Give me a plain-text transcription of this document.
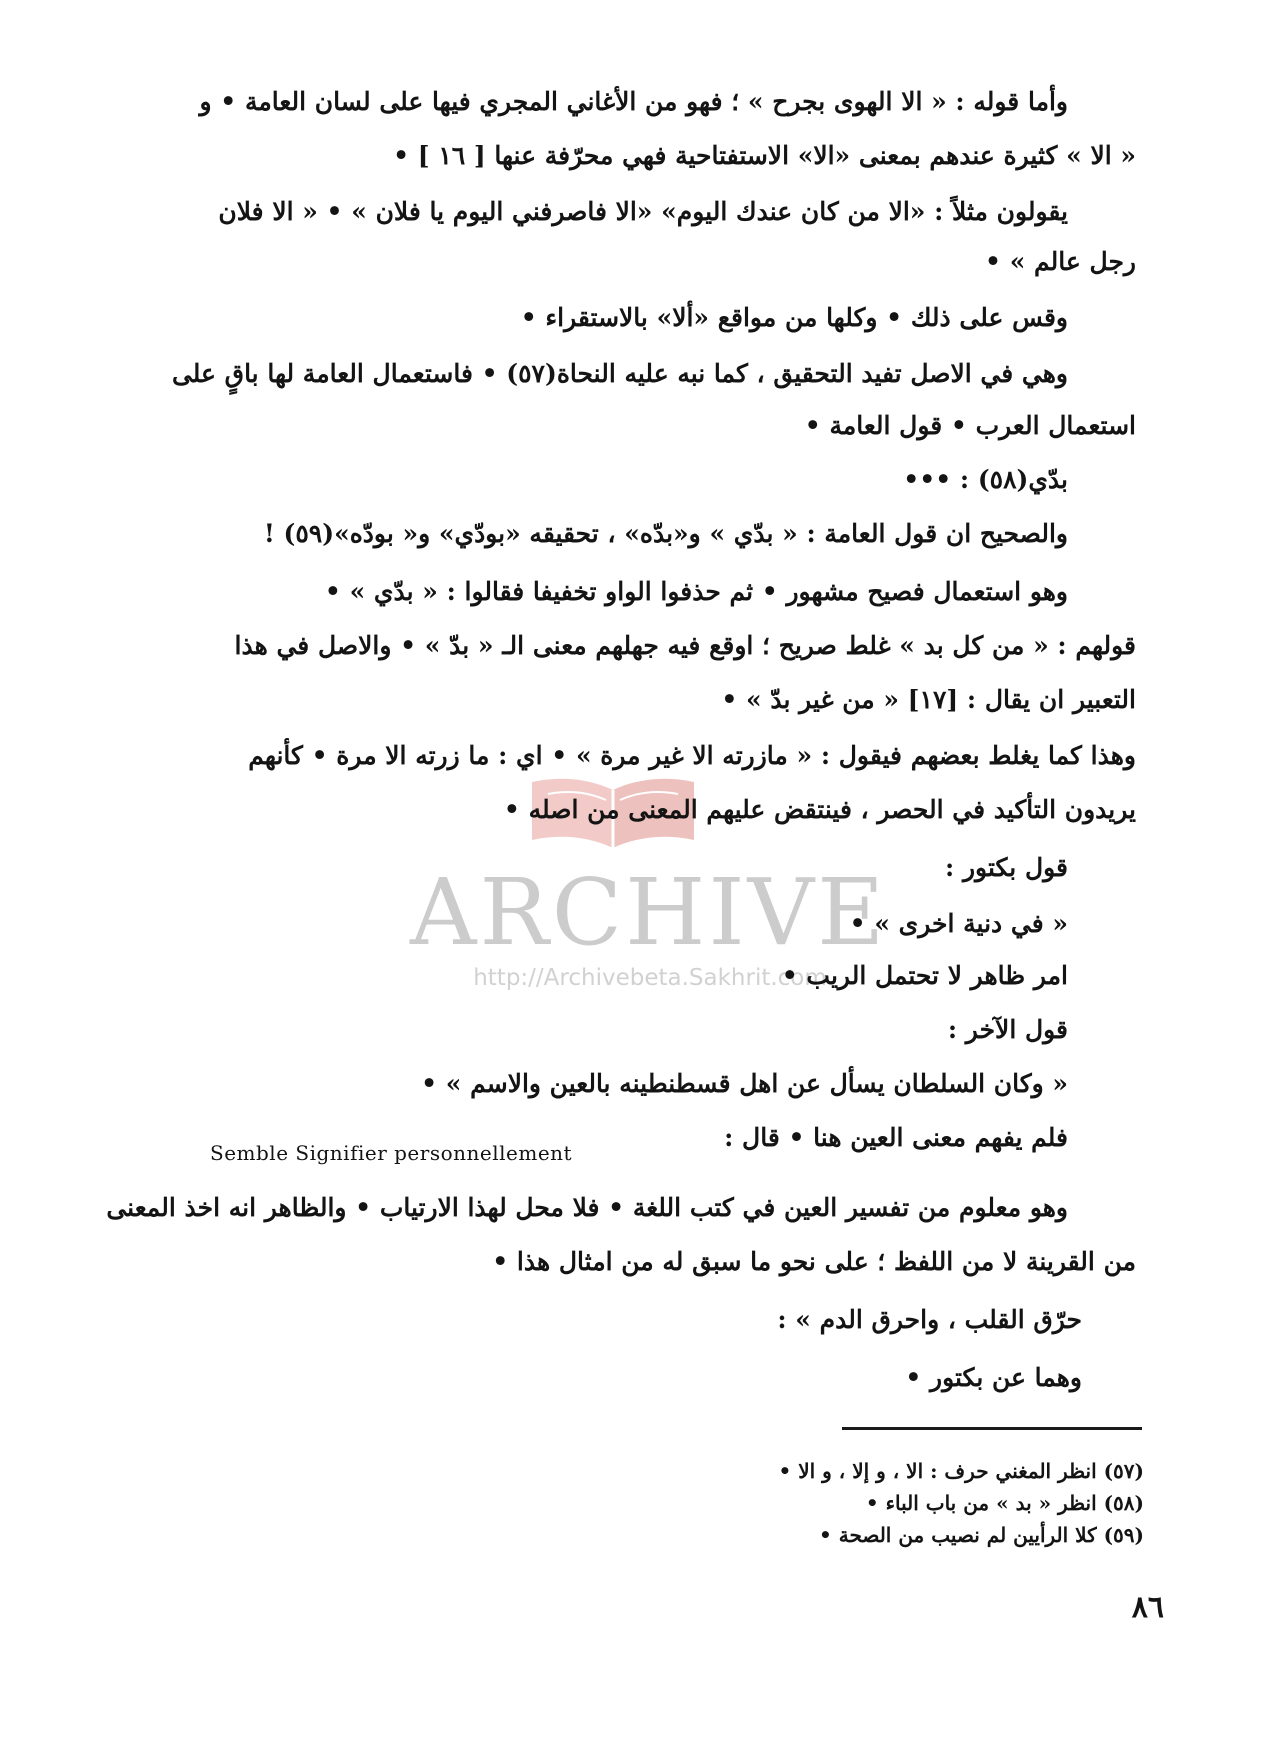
ARCHIVE
http://Archivebeta.Sakhrit.com
وأما قوله : « الا الهوى بجرح » ؛ فهو من الأغاني المجري فيها على لسان العامة • و
« الا » كثيرة عندهم بمعنى «الا» الاستفتاحية فهي محرّفة عنها [ ١٦ ] •
يقولون مثلاً : «الا من كان عندك اليوم» «الا فاصرفني اليوم يا فلان » • « الا فلان
رجل عالم » •
وقس على ذلك • وكلها من مواقع «ألا» بالاستقراء •
وهي في الاصل تفيد التحقيق ، كما نبه عليه النحاة(٥٧) • فاستعمال العامة لها باقٍ على
استعمال العرب • قول العامة •
بدّي(٥٨) : •••
والصحيح ان قول العامة : « بدّي » و«بدّه» ، تحقيقه «بودّي» و« بودّه»(٥٩) !
وهو استعمال فصيح مشهور • ثم حذفوا الواو تخفيفا فقالوا : « بدّي » •
قولهم : « من كل بد » غلط صريح ؛ اوقع فيه جهلهم معنى الـ « بدّ » • والاصل في هذا
التعبير ان يقال : [١٧] « من غير بدّ » •
وهذا كما يغلط بعضهم فيقول : « مازرته الا غير مرة » • اي : ما زرته الا مرة • كأنهم
يريدون التأكيد في الحصر ، فينتقض عليهم المعنى من اصله •
قول بكتور :
« في دنية اخرى » •
امر ظاهر لا تحتمل الريب •
قول الآخر :
« وكان السلطان يسأل عن اهل قسطنطينه بالعين والاسم » •
فلم يفهم معنى العين هنا • قال :
Semble Signifier personnellement
وهو معلوم من تفسير العين في كتب اللغة • فلا محل لهذا الارتياب • والظاهر انه اخذ المعنى
من القرينة لا من اللفظ ؛ على نحو ما سبق له من امثال هذا •
حرّق القلب ، واحرق الدم » :
وهما عن بكتور •
(٥٧) انظر المغني حرف : الا ، و إلا ، و الا •
(٥٨) انظر « بد » من باب الباء •
(٥٩) كلا الرأيين لم نصيب من الصحة •
٨٦
